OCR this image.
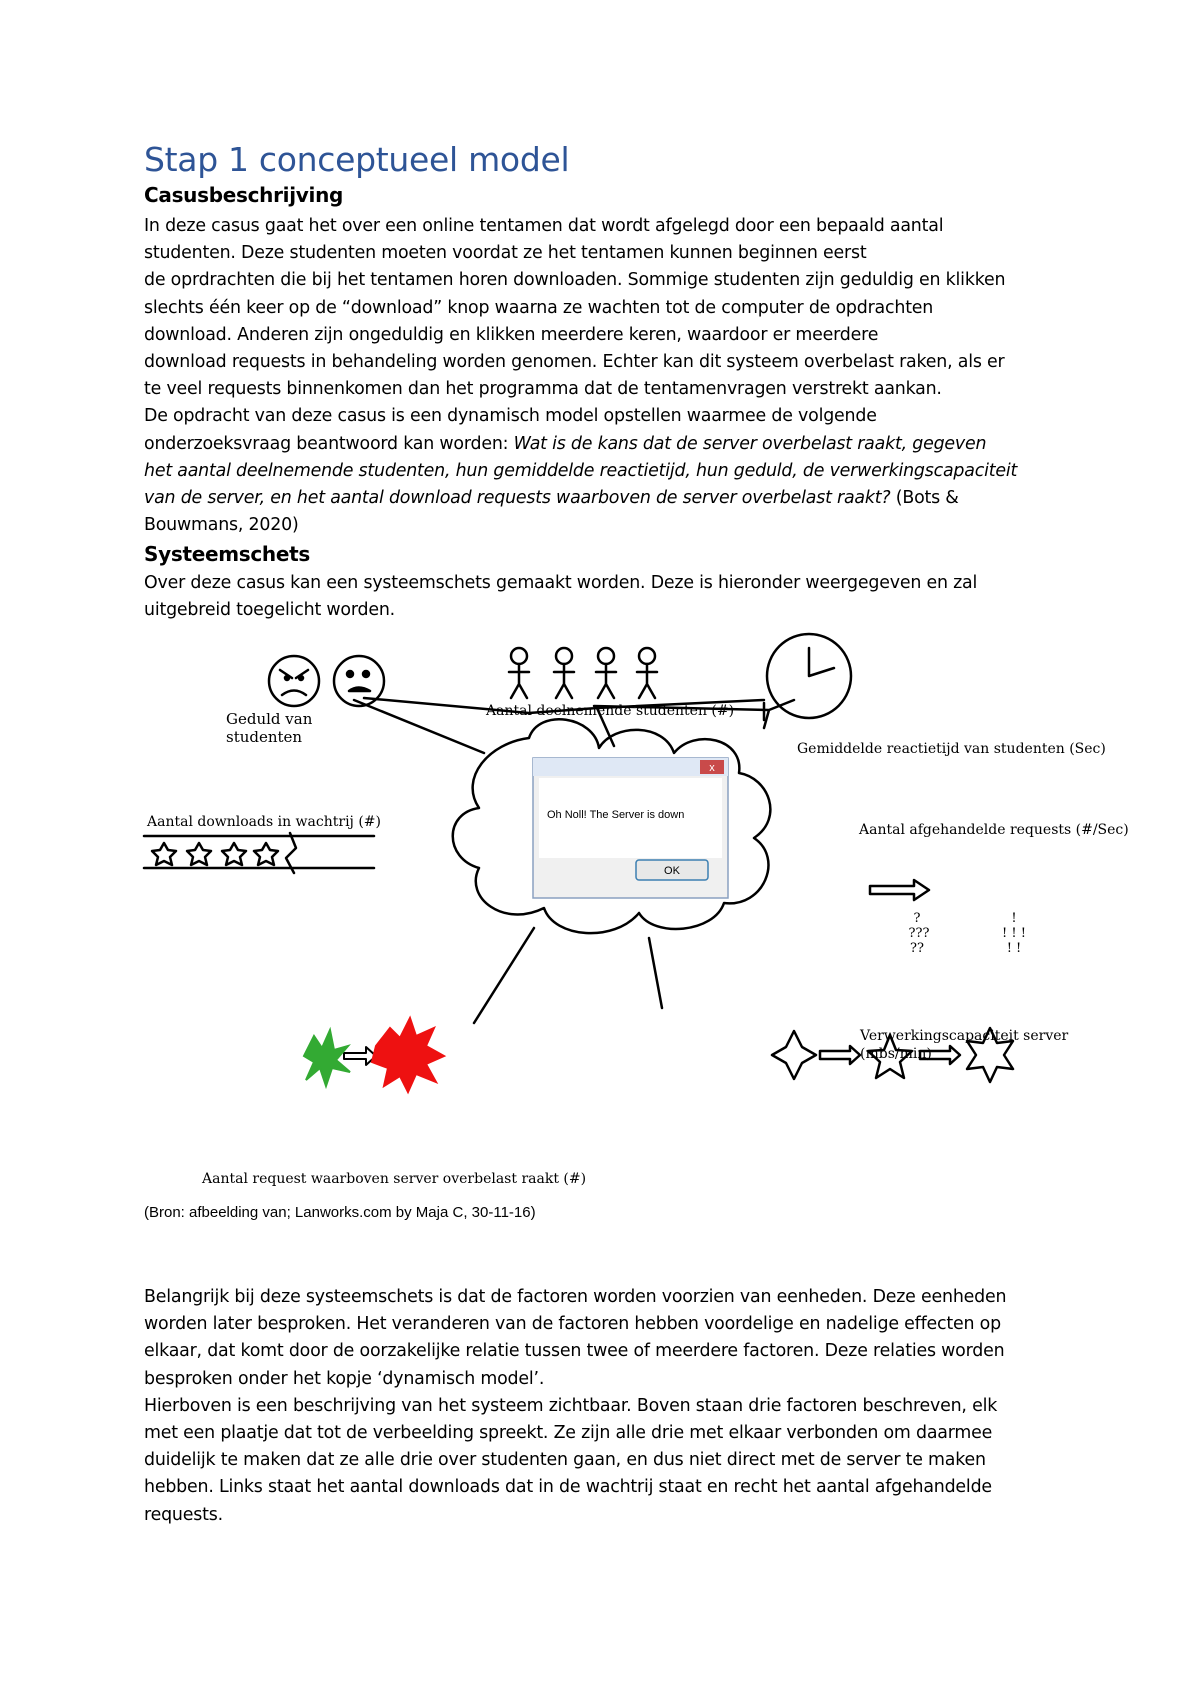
Stap 1 conceptueel model
Casusbeschrijving
In deze casus gaat het over een online tentamen dat wordt afgelegd door een bepaald aantal
studenten. Deze studenten moeten voordat ze het tentamen kunnen beginnen eerst
de oprdrachten die bij het tentamen horen downloaden. Sommige studenten zijn geduldig en klikken
slechts één keer op de “download” knop waarna ze wachten tot de computer de opdrachten
download. Anderen zijn ongeduldig en klikken meerdere keren, waardoor er meerdere
download requests in behandeling worden genomen. Echter kan dit systeem overbelast raken, als er
te veel requests binnenkomen dan het programma dat de tentamenvragen verstrekt aankan.
De opdracht van deze casus is een dynamisch model opstellen waarmee de volgende
onderzoeksvraag beantwoord kan worden: Wat is de kans dat de server overbelast raakt, gegeven
het aantal deelnemende studenten, hun gemiddelde reactietijd, hun geduld, de verwerkingscapaciteit
van de server, en het aantal download requests waarboven de server overbelast raakt? (Bots &
Bouwmans, 2020)
Systeemschets
Over deze casus kan een systeemschets gemaakt worden. Deze is hieronder weergegeven en zal
uitgebreid toegelicht worden.
Geduld van
studenten
Aantal deelnemende studenten (#)
Gemiddelde reactietijd van studenten (Sec)
Aantal downloads in wachtrij (#)	Aantal afgehandelde requests (#/Sec)
Verwerkingscapaciteit server
(mbs/min)
Aantal request waarboven server overbelast raakt (#)
?
???
??
!
! ! !
! !
Oh Noll! The Server is down
OK
x
(Bron: afbeelding van; Lanworks.com by Maja C, 30-11-16)
Belangrijk bij deze systeemschets is dat de factoren worden voorzien van eenheden. Deze eenheden
worden later besproken. Het veranderen van de factoren hebben voordelige en nadelige effecten op
elkaar, dat komt door de oorzakelijke relatie tussen twee of meerdere factoren. Deze relaties worden
besproken onder het kopje ‘dynamisch model’.
Hierboven is een beschrijving van het systeem zichtbaar. Boven staan drie factoren beschreven, elk
met een plaatje dat tot de verbeelding spreekt. Ze zijn alle drie met elkaar verbonden om daarmee
duidelijk te maken dat ze alle drie over studenten gaan, en dus niet direct met de server te maken
hebben. Links staat het aantal downloads dat in de wachtrij staat en recht het aantal afgehandelde
requests.
